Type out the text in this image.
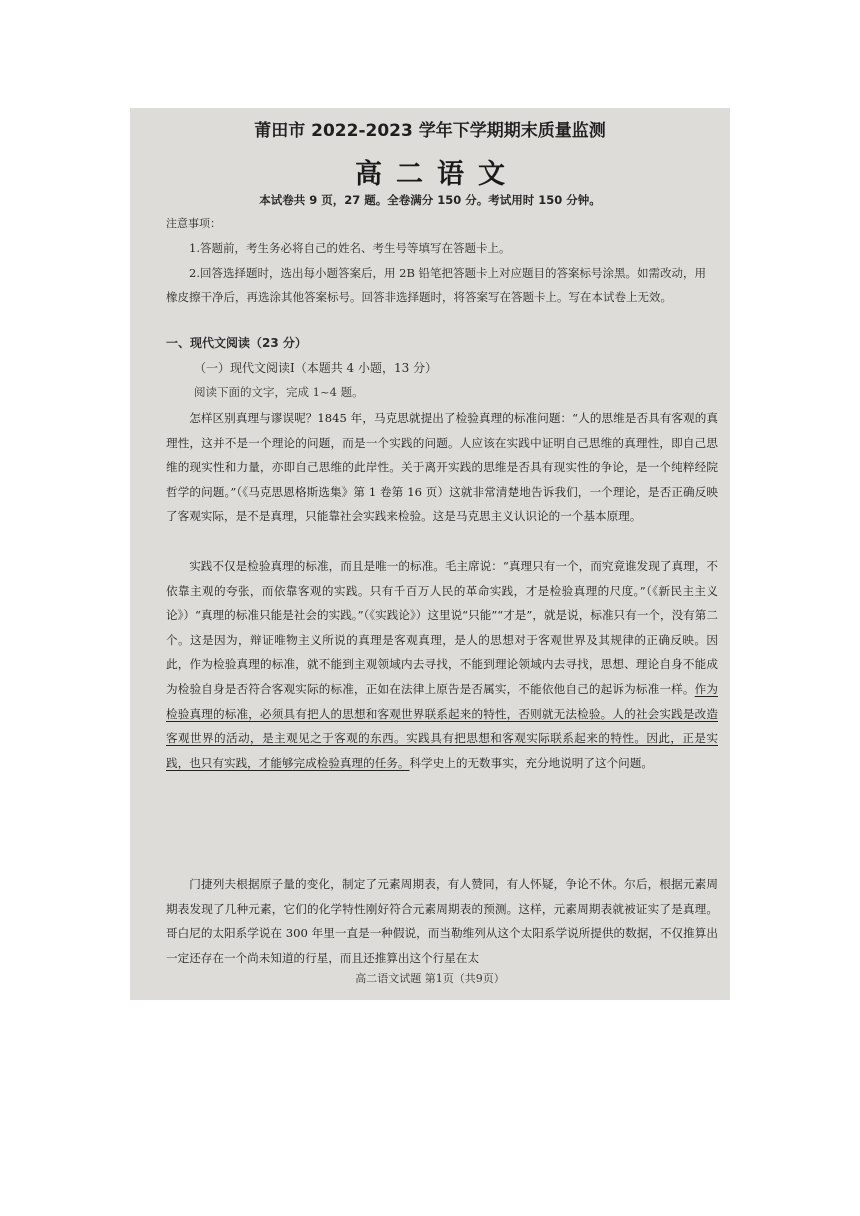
莆田市 2022-2023 学年下学期期末质量监测
高二语文
本试卷共 9 页，27 题。全卷满分 150 分。考试用时 150 分钟。
注意事项：

1.答题前，考生务必将自己的姓名、考生号等填写在答题卡上。

2.回答选择题时，选出每小题答案后，用 2B 铅笔把答题卡上对应题目的答案标号涂黑。如需改动，用橡皮擦干净后，再选涂其他答案标号。回答非选择题时，将答案写在答题卡上。写在本试卷上无效。

一、现代文阅读（23 分）
（一）现代文阅读Ⅰ（本题共 4 小题，13 分）
阅读下面的文字，完成 1~4 题。

怎样区别真理与谬误呢？1845 年，马克思就提出了检验真理的标准问题：“人的思维是否具有客观的真理性，这并不是一个理论的问题，而是一个实践的问题。人应该在实践中证明自己思维的真理性，即自己思维的现实性和力量，亦即自己思维的此岸性。关于离开实践的思维是否具有现实性的争论，是一个纯粹经院哲学的问题。”（《马克思恩格斯选集》第 1 卷第 16 页）这就非常清楚地告诉我们，一个理论，是否正确反映了客观实际，是不是真理，只能靠社会实践来检验。这是马克思主义认识论的一个基本原理。

实践不仅是检验真理的标准，而且是唯一的标准。毛主席说：“真理只有一个，而究竟谁发现了真理，不依靠主观的夸张，而依靠客观的实践。只有千百万人民的革命实践，才是检验真理的尺度。”（《新民主主义论》）“真理的标准只能是社会的实践。”（《实践论》）这里说“只能”“才是”，就是说，标准只有一个，没有第二个。这是因为，辩证唯物主义所说的真理是客观真理，是人的思想对于客观世界及其规律的正确反映。因此，作为检验真理的标准，就不能到主观领域内去寻找，不能到理论领域内去寻找，思想、理论自身不能成为检验自身是否符合客观实际的标准，正如在法律上原告是否属实，不能依他自己的起诉为标准一样。作为检验真理的标准，必须具有把人的思想和客观世界联系起来的特性，否则就无法检验。人的社会实践是改造客观世界的活动，是主观见之于客观的东西。实践具有把思想和客观实际联系起来的特性。因此，正是实践，也只有实践，才能够完成检验真理的任务。科学史上的无数事实，充分地说明了这个问题。

门捷列夫根据原子量的变化，制定了元素周期表，有人赞同，有人怀疑，争论不休。尔后，根据元素周期表发现了几种元素，它们的化学特性刚好符合元素周期表的预测。这样，元素周期表就被证实了是真理。哥白尼的太阳系学说在 300 年里一直是一种假说，而当勒维列从这个太阳系学说所提供的数据，不仅推算出一定还存在一个尚未知道的行星，而且还推算出这个行星在太

高二语文试题 第1页（共9页）
